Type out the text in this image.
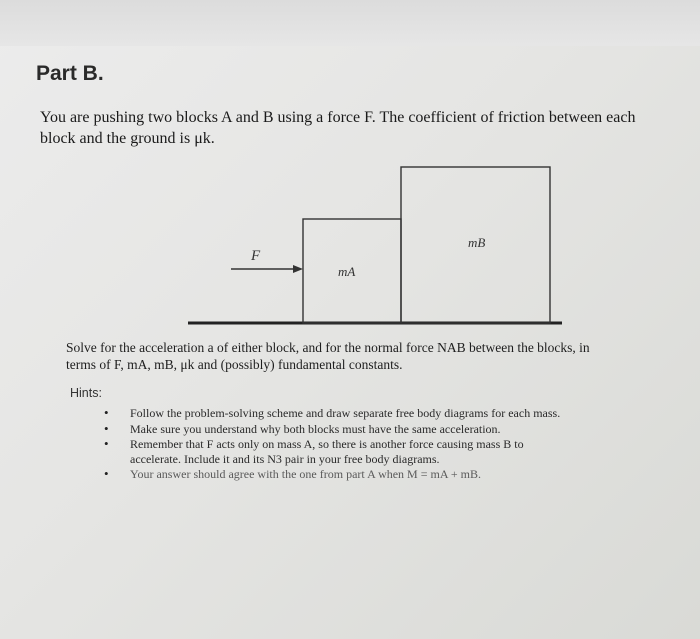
Part B.

You are pushing two blocks A and B using a force F. The coefficient of friction between each
block and the ground is μk.

F
mA
mB

Solve for the acceleration a of either block, and for the normal force NAB between the blocks, in
terms of F, mA, mB, μk and (possibly) fundamental constants.

Hints:

• Follow the problem-solving scheme and draw separate free body diagrams for each mass.
• Make sure you understand why both blocks must have the same acceleration.
• Remember that F acts only on mass A, so there is another force causing mass B to
accelerate. Include it and its N3 pair in your free body diagrams.
• Your answer should agree with the one from part A when M = mA + mB.
